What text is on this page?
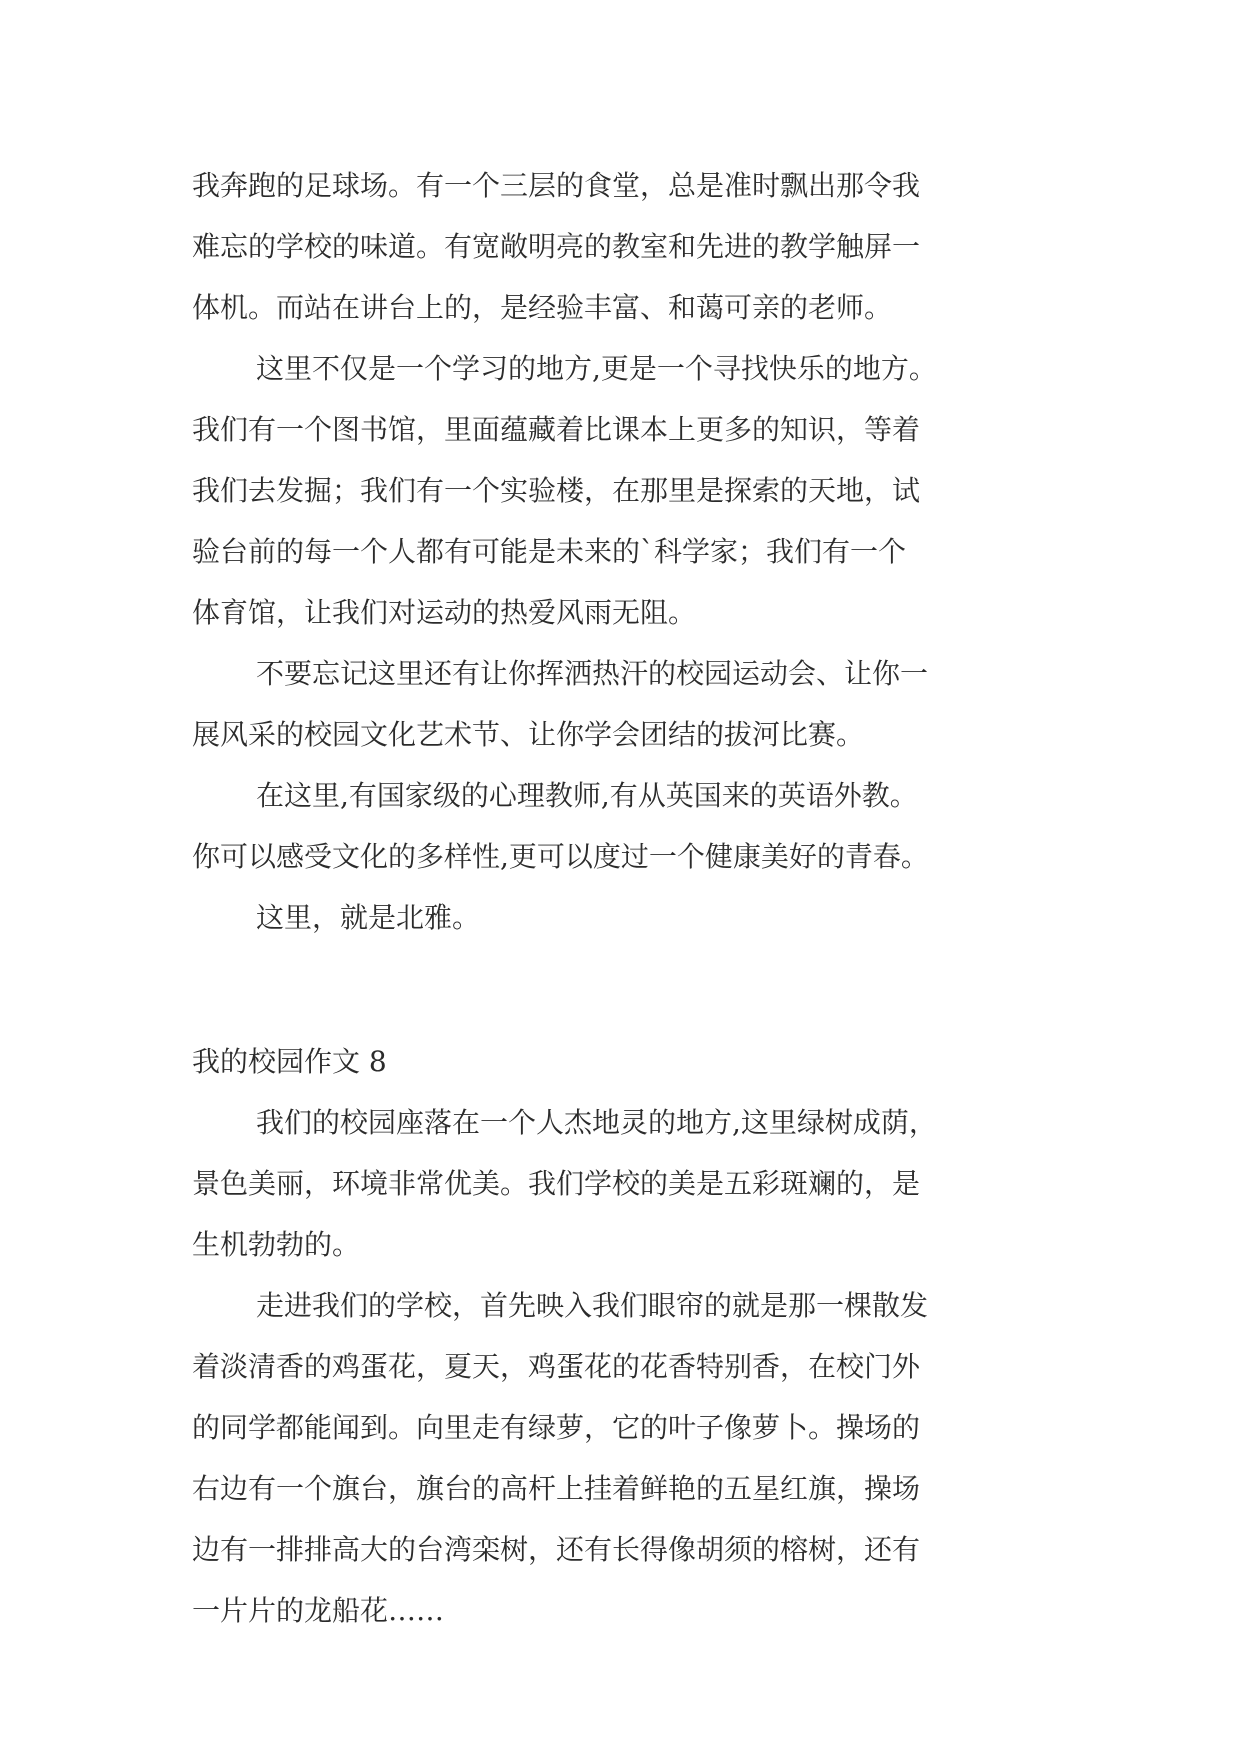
我奔跑的足球场。有一个三层的食堂，总是准时飘出那令我
难忘的学校的味道。有宽敞明亮的教室和先进的教学触屏一
体机。而站在讲台上的，是经验丰富、和蔼可亲的老师。
这里不仅是一个学习的地方,更是一个寻找快乐的地方。
我们有一个图书馆，里面蕴藏着比课本上更多的知识，等着
我们去发掘；我们有一个实验楼，在那里是探索的天地，试
验台前的每一个人都有可能是未来的`科学家；我们有一个
体育馆，让我们对运动的热爱风雨无阻。
不要忘记这里还有让你挥洒热汗的校园运动会、让你一
展风采的校园文化艺术节、让你学会团结的拔河比赛。
在这里,有国家级的心理教师,有从英国来的英语外教。
你可以感受文化的多样性,更可以度过一个健康美好的青春。
这里，就是北雅。
我的校园作文 8
我们的校园座落在一个人杰地灵的地方,这里绿树成荫，
景色美丽，环境非常优美。我们学校的美是五彩斑斓的，是
生机勃勃的。
走进我们的学校，首先映入我们眼帘的就是那一棵散发
着淡清香的鸡蛋花，夏天，鸡蛋花的花香特别香，在校门外
的同学都能闻到。向里走有绿萝，它的叶子像萝卜。操场的
右边有一个旗台，旗台的高杆上挂着鲜艳的五星红旗，操场
边有一排排高大的台湾栾树，还有长得像胡须的榕树，还有
一片片的龙船花……
